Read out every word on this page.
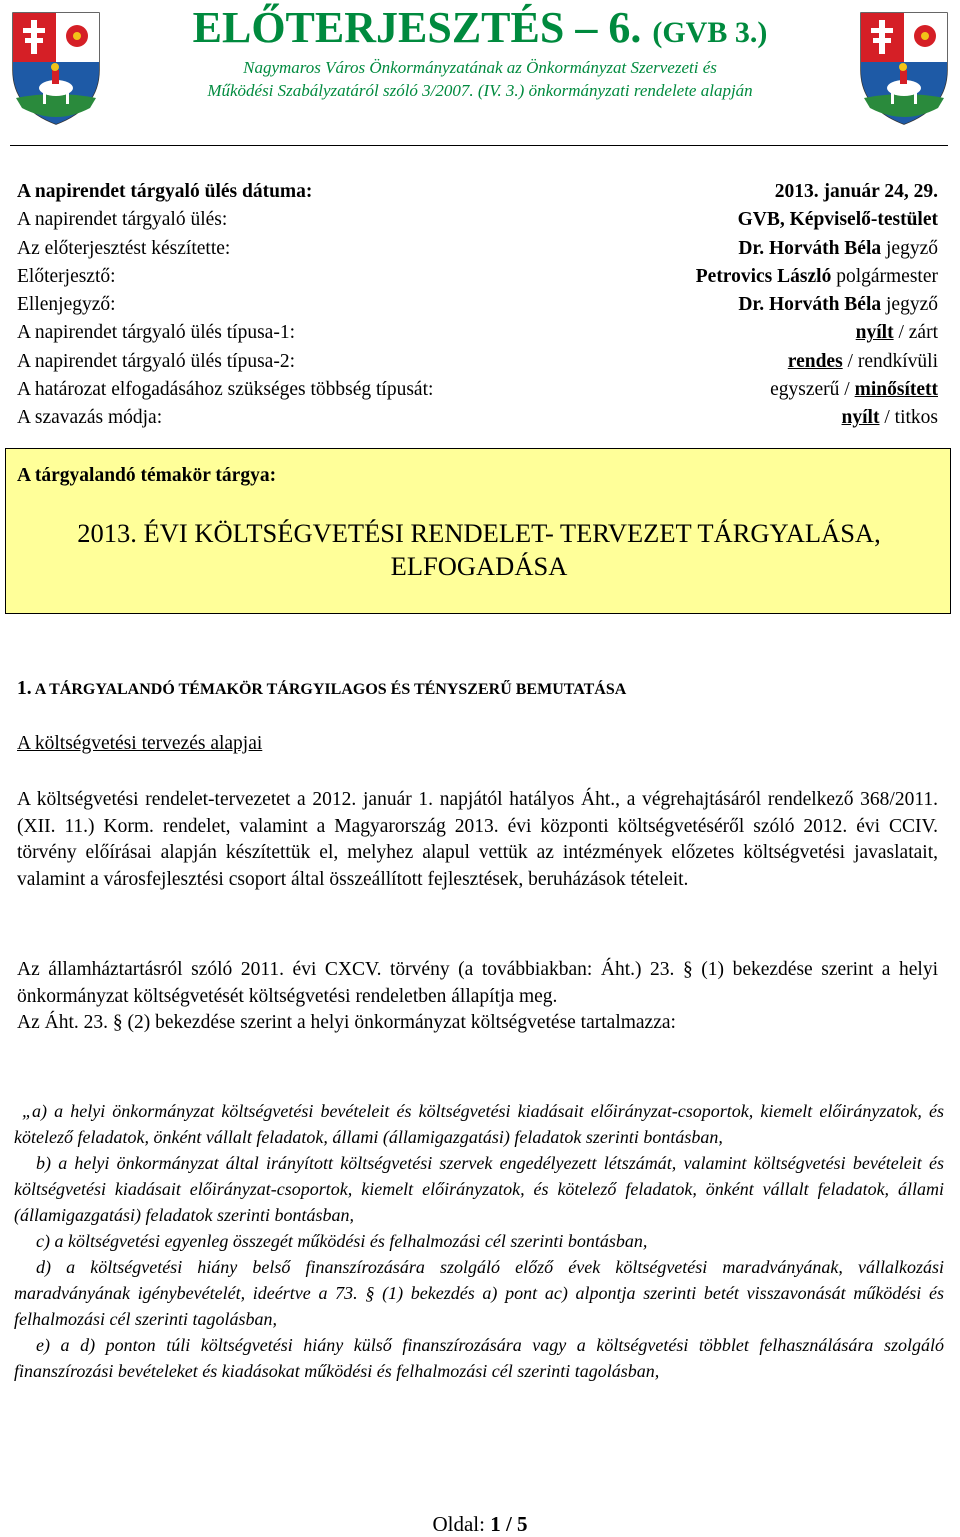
ELŐTERJESZTÉS – 6. (GVB 3.)
Nagymaros Város Önkormányzatának az Önkormányzat Szervezeti és
Működési Szabályzatáról szóló 3/2007. (IV. 3.) önkormányzati rendelete alapján
A napirendet tárgyaló ülés dátuma:	2013. január 24, 29.
A napirendet tárgyaló ülés:	GVB, Képviselő-testület
Az előterjesztést készítette:	Dr. Horváth Béla jegyző
Előterjesztő:	Petrovics László polgármester
Ellenjegyző:	Dr. Horváth Béla jegyző
A napirendet tárgyaló ülés típusa-1:	nyílt / zárt
A napirendet tárgyaló ülés típusa-2:	rendes / rendkívüli
A határozat elfogadásához szükséges többség típusát:	egyszerű / minősített
A szavazás módja:	nyílt / titkos
A tárgyalandó témakör tárgya:
2013. ÉVI KÖLTSÉGVETÉSI RENDELET- TERVEZET TÁRGYALÁSA,
ELFOGADÁSA
1. A TÁRGYALANDÓ TÉMAKÖR TÁRGYILAGOS ÉS TÉNYSZERŰ BEMUTATÁSA
A költségvetési tervezés alapjai
A költségvetési rendelet-tervezetet a 2012. január 1. napjától hatályos Áht., a végrehajtásáról rendelkező 368/2011. (XII. 11.) Korm. rendelet, valamint a Magyarország 2013. évi központi költségvetéséről szóló 2012. évi CCIV. törvény előírásai alapján készítettük el, melyhez alapul vettük az intézmények előzetes költségvetési javaslatait, valamint a városfejlesztési csoport által összeállított fejlesztések, beruházások tételeit.
Az államháztartásról szóló 2011. évi CXCV. törvény (a továbbiakban: Áht.) 23. § (1) bekezdése szerint a helyi önkormányzat költségvetését költségvetési rendeletben állapítja meg.
Az Áht. 23. § (2) bekezdése szerint a helyi önkormányzat költségvetése tartalmazza:
„a) a helyi önkormányzat költségvetési bevételeit és költségvetési kiadásait előirányzat-csoportok, kiemelt előirányzatok, és kötelező feladatok, önként vállalt feladatok, állami (államigazgatási) feladatok szerinti bontásban,
b) a helyi önkormányzat által irányított költségvetési szervek engedélyezett létszámát, valamint költségvetési bevételeit és költségvetési kiadásait előirányzat-csoportok, kiemelt előirányzatok, és kötelező feladatok, önként vállalt feladatok, állami (államigazgatási) feladatok szerinti bontásban,
c) a költségvetési egyenleg összegét működési és felhalmozási cél szerinti bontásban,
d) a költségvetési hiány belső finanszírozására szolgáló előző évek költségvetési maradványának, vállalkozási maradványának igénybevételét, ideértve a 73. § (1) bekezdés a) pont ac) alpontja szerinti betét visszavonását működési és felhalmozási cél szerinti tagolásban,
e) a d) ponton túli költségvetési hiány külső finanszírozására vagy a költségvetési többlet felhasználására szolgáló finanszírozási bevételeket és kiadásokat működési és felhalmozási cél szerinti tagolásban,
Oldal: 1 / 5
